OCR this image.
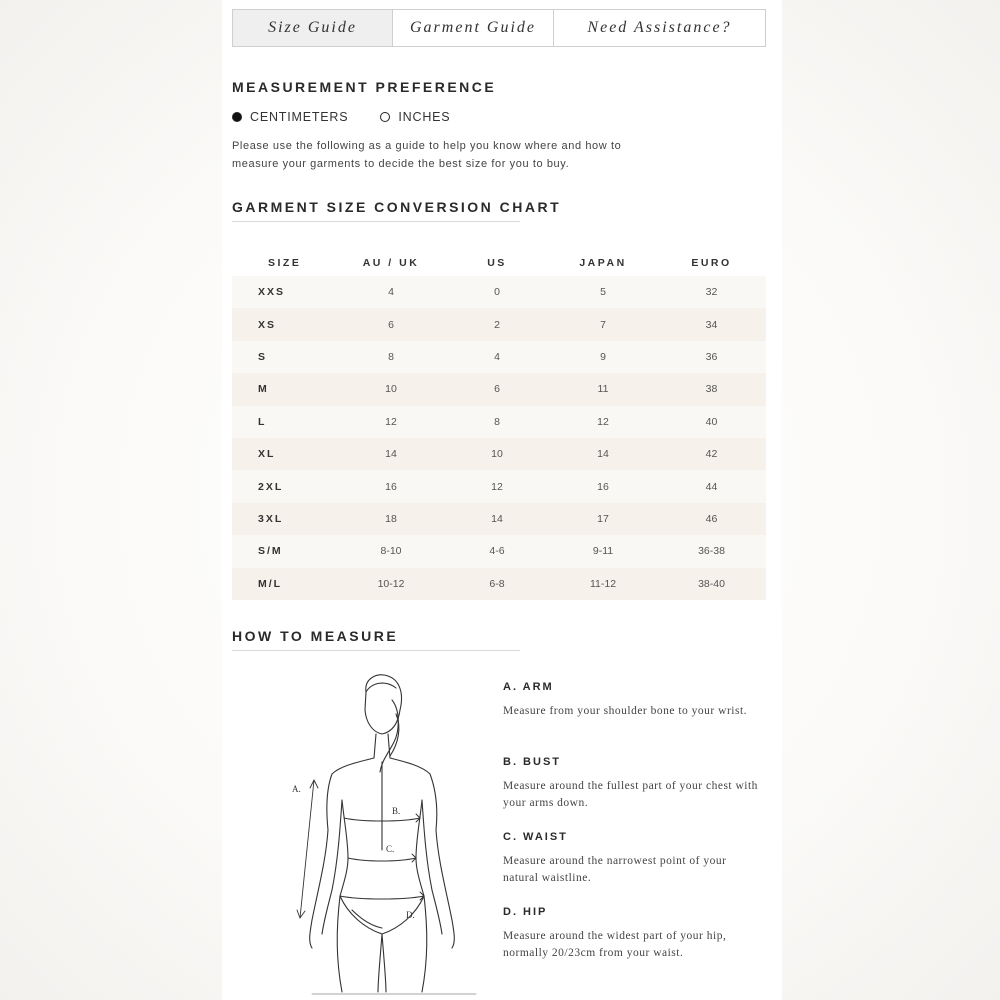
Size Guide	Garment Guide	Need Assistance?
MEASUREMENT PREFERENCE
CENTIMETERS	INCHES
Please use the following as a guide to help you know where and how to measure your garments to decide the best size for you to buy.
GARMENT SIZE CONVERSION CHART
SIZE	AU / UK	US	JAPAN	EURO
XXS	4	0	5	32
XS	6	2	7	34
S	8	4	9	36
M	10	6	11	38
L	12	8	12	40
XL	14	10	14	42
2XL	16	12	16	44
3XL	18	14	17	46
S/M	8-10	4-6	9-11	36-38
M/L	10-12	6-8	11-12	38-40
HOW TO MEASURE
A.
B.
C.
D.
A. ARM
Measure from your shoulder bone to your wrist.
B. BUST
Measure around the fullest part of your chest with your arms down.
C. WAIST
Measure around the narrowest point of your natural waistline.
D. HIP
Measure around the widest part of your hip, normally 20/23cm from your waist.
